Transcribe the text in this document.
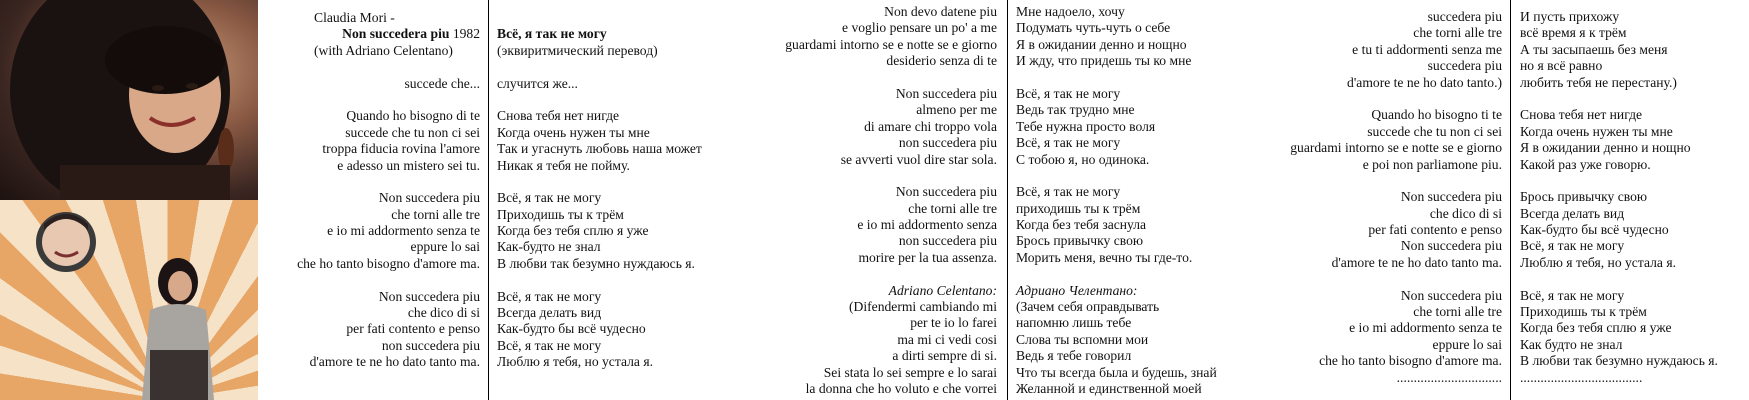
Claudia Mori -
Non succedera piu 1982
(with Adriano Celentano)
succede che...
Quando ho bisogno di te
succede che tu non ci sei
troppa fiducia rovina l'amore
e adesso un mistero sei tu.
Non succedera piu
che torni alle tre
e io mi addormento senza te
eppure lo sai
che ho tanto bisogno d'amore ma.
Non succedera piu
che dico di si
per fati contento e penso
non succedera piu
d'amore te ne ho dato tanto ma.
Всё, я так не могу
(эквиритмический перевод)
случится же...
Снова тебя нет нигде
Когда очень нужен ты мне
Так и угаснуть любовь наша может
Никак я тебя не пойму.
Всё, я так не могу
Приходишь ты к трём
Когда без тебя сплю я уже
Как-будто не знал
В любви так безумно нуждаюсь я.
Всё, я так не могу
Всегда делать вид
Как-будто бы всё чудесно
Всё, я так не могу
Люблю я тебя, но устала я.
Non devo datene piu
e voglio pensare un po' a me
guardami intorno se e notte se e giorno
desiderio senza di te
Non succedera piu
almeno per me
di amare chi troppo vola
non succedera piu
se avverti vuol dire star sola.
Non succedera piu
che torni alle tre
e io mi addormento senza
non succedera piu
morire per la tua assenza.
Adriano Celentano:
(Difendermi cambiando mi
per te io lo farei
ma mi ci vedi cosi
a dirti sempre di si.
Sei stata lo sei sempre e lo sarai
la donna che ho voluto e che vorrei
Мне надоело, хочу
Подумать чуть-чуть о себе
Я в ожидании денно и нощно
И жду, что придешь ты ко мне
Всё, я так не могу
Ведь так трудно мне
Тебе нужна просто воля
Всё, я так не могу
С тобою я, но одинока.
Всё, я так не могу
приходишь ты к трём
Когда без тебя заснула
Брось привычку свою
Морить меня, вечно ты где-то.
Адриано Челентано:
(Зачем себя оправдывать
напомню лишь тебе
Слова ты вспомни мои
Ведь я тебе говорил
Что ты всегда была и будешь, знай
Желанной и единственной моей
succedera piu
che torni alle tre
e tu ti addormenti senza me
succedera piu
d'amore te ne ho dato tanto.)
Quando ho bisogno ti te
succede che tu non ci sei
guardami intorno se e notte se e giorno
e poi non parliamone piu.
Non succedera piu
che dico di si
per fati contento e penso
Non succedera piu
d'amore te ne ho dato tanto ma.
Non succedera piu
che torni alle tre
e io mi addormento senza te
eppure lo sai
che ho tanto bisogno d'amore ma.
...............................
И пусть прихожу
всё время я к трём
А ты засыпаешь без меня
но я всё равно
любить тебя не перестану.)
Снова тебя нет нигде
Когда очень нужен ты мне
Я в ожидании денно и нощно
Какой раз уже говорю.
Брось привычку свою
Всегда делать вид
Как-будто бы всё чудесно
Всё, я так не могу
Люблю я тебя, но устала я.
Всё, я так не могу
Приходишь ты к трём
Когда без тебя сплю я уже
Как будто не знал
В любви так безумно нуждаюсь я.
....................................
